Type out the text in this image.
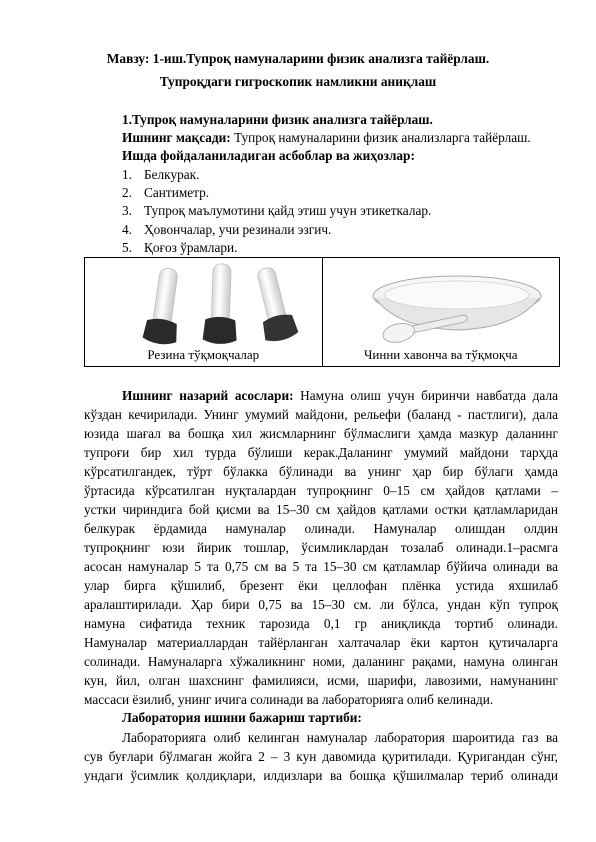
Мавзу: 1-иш.Тупроқ намуналарини физик анализга тайёрлаш.
Тупроқдаги гигроскопик намликни аниқлаш
1.Тупроқ намуналарини физик анализга тайёрлаш.
Ишнинг мақсади: Тупроқ намуналарини физик анализларга тайёрлаш.
Ишда фойдаланиладиган асбоблар ва жиҳозлар:
1. Белкурак.
2. Сантиметр.
3. Тупроқ маълумотини қайд этиш учун этикеткалар.
4. Ҳовончалар, учи резинали эзгич.
5. Қоғоз ўрамлари.
Резина тўқмоқчалар	Чинни хавонча ва тўқмоқча
Ишнинг назарий асослари: Намуна олиш учун биринчи навбатда дала
кўздан кечирилади. Унинг умумий майдони, рельефи (баланд - пастлиги), дала
юзида шағал ва бошқа хил жисмларнинг бўлмаслиги ҳамда мазкур даланинг
тупроғи бир хил турда бўлиши керак.Даланинг умумий майдони тарҳда
кўрсатилгандек, тўрт бўлакка бўлинади ва унинг ҳар бир бўлаги ҳамда
ўртасида кўрсатилган нуқталардан тупроқнинг 0–15 см ҳайдов қатлами –
устки чириндига бой қисми ва 15–30 см ҳайдов қатлами остки қатламларидан
белкурак ёрдамида намуналар олинади. Намуналар олишдан олдин
тупроқнинг юзи йирик тошлар, ўсимликлардан тозалаб олинади.1–расмга
асосан намуналар 5 та 0,75 см ва 5 та 15–30 см қатламлар бўйича олинади ва
улар бирга қўшилиб, брезент ёки целлофан плёнка устида яхшилаб
аралаштирилади. Ҳар бири 0,75 ва 15–30 см. ли бўлса, ундан кўп тупроқ
намуна сифатида техник тарозида 0,1 гр аниқликда тортиб олинади.
Намуналар материаллардан тайёрланган халтачалар ёки картон қутичаларга
солинади. Намуналарга хўжаликнинг номи, даланинг рақами, намуна олинган
кун, йил, олган шахснинг фамилияси, исми, шарифи, лавозими, намунанинг
массаси ёзилиб, унинг ичига солинади ва лабораторияга олиб келинади.
Лаборатория ишини бажариш тартиби:
Лабораторияга олиб келинган намуналар лаборатория шароитида газ ва
сув буғлари бўлмаган жойга 2 – 3 кун давомида қуритилади. Қуригандан сўнг,
ундаги ўсимлик қолдиқлари, илдизлари ва бошқа қўшилмалар териб олинади
